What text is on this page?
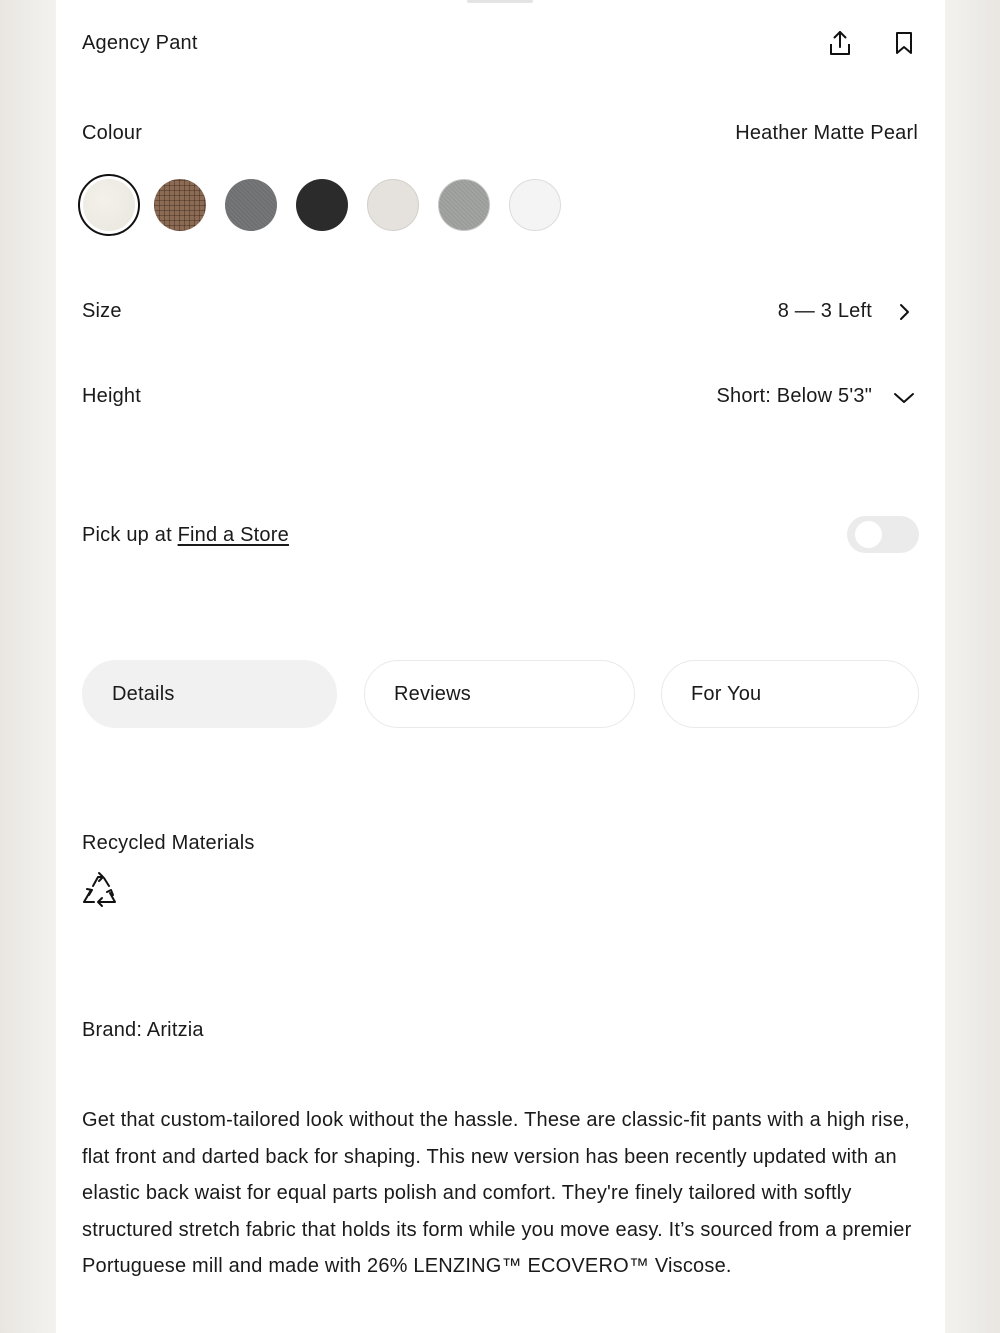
Agency Pant
Colour	Heather Matte Pearl
Size	8 — 3 Left
Height	Short: Below 5'3"
Pick up at Find a Store
Details	Reviews	For You
Recycled Materials
Brand: Aritzia
Get that custom-tailored look without the hassle. These are classic-fit pants with a high rise, flat front and darted back for shaping. This new version has been recently updated with an elastic back waist for equal parts polish and comfort. They're finely tailored with softly structured stretch fabric that holds its form while you move easy. It’s sourced from a premier Portuguese mill and made with 26% LENZING™ ECOVERO™ Viscose.
